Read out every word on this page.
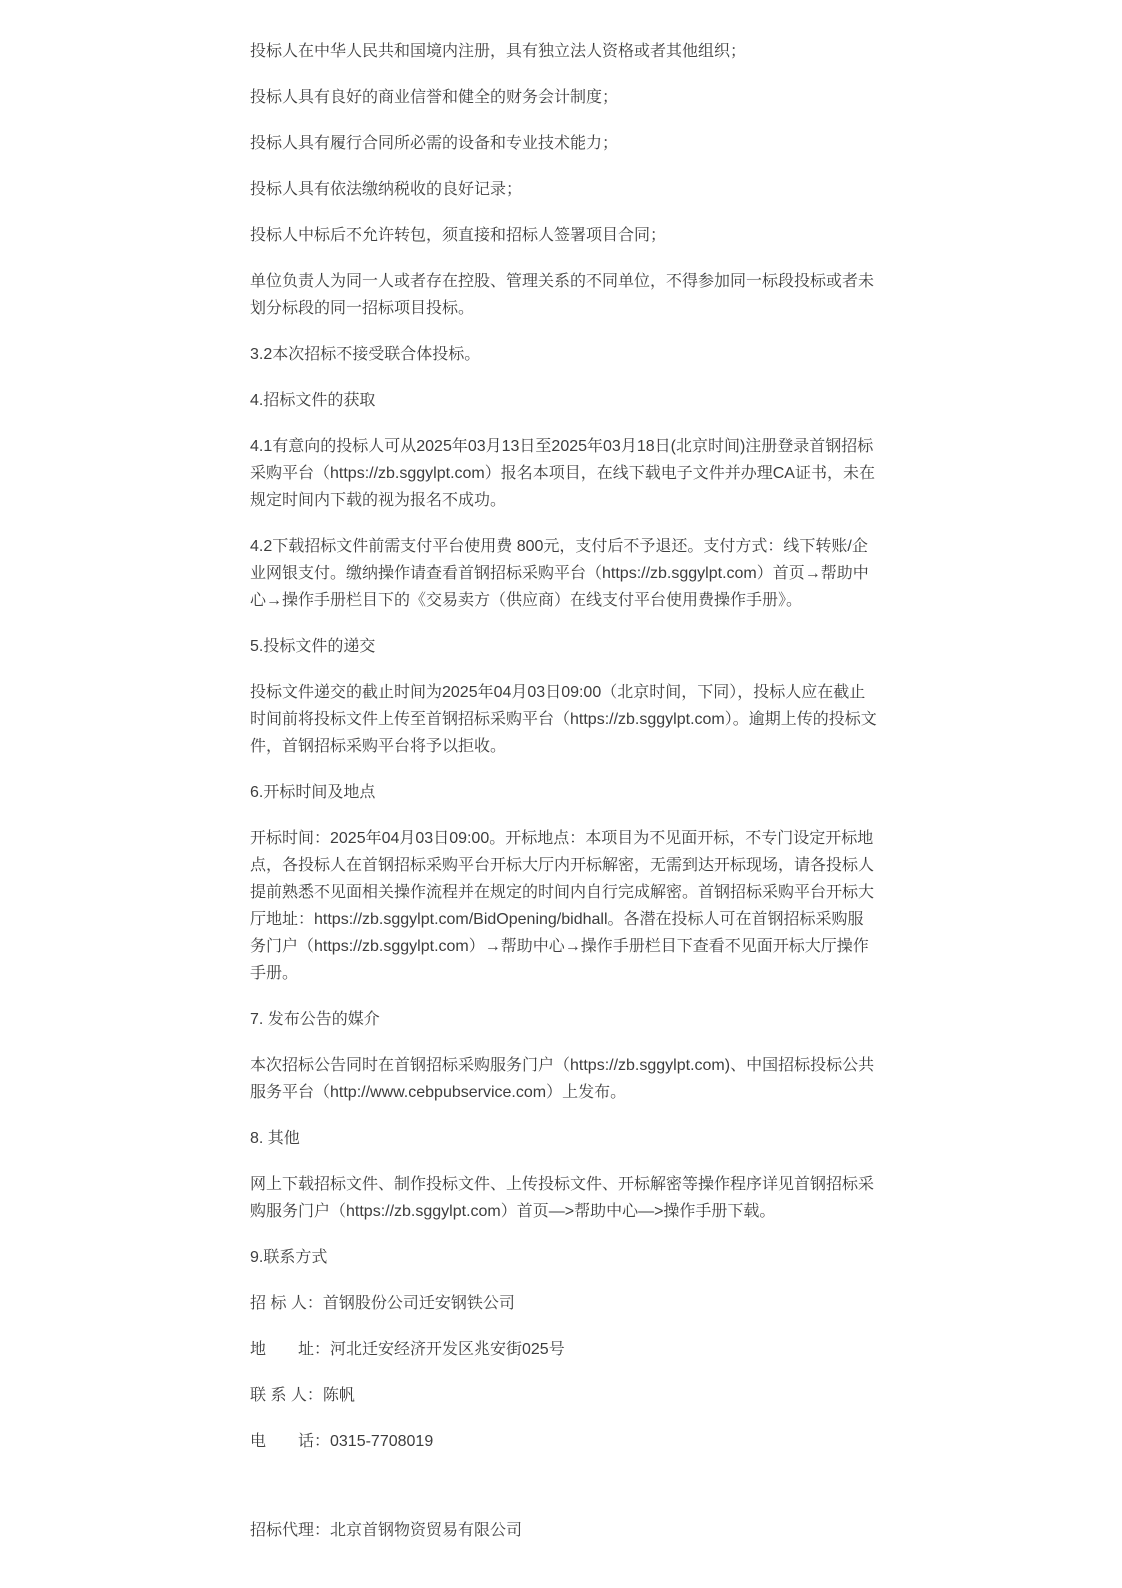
投标人在中华人民共和国境内注册，具有独立法人资格或者其他组织；

投标人具有良好的商业信誉和健全的财务会计制度；

投标人具有履行合同所必需的设备和专业技术能力；

投标人具有依法缴纳税收的良好记录；

投标人中标后不允许转包，须直接和招标人签署项目合同；

单位负责人为同一人或者存在控股、管理关系的不同单位，不得参加同一标段投标或者未划分标段的同一招标项目投标。

3.2本次招标不接受联合体投标。

4.招标文件的获取

4.1有意向的投标人可从2025年03月13日至2025年03月18日(北京时间)注册登录首钢招标采购平台（https://zb.sggylpt.com）报名本项目，在线下载电子文件并办理CA证书，未在规定时间内下载的视为报名不成功。

4.2下载招标文件前需支付平台使用费 800元，支付后不予退还。支付方式：线下转账/企业网银支付。缴纳操作请查看首钢招标采购平台（https://zb.sggylpt.com）首页→帮助中心→操作手册栏目下的《交易卖方（供应商）在线支付平台使用费操作手册》。

5.投标文件的递交

投标文件递交的截止时间为2025年04月03日09:00（北京时间，下同），投标人应在截止时间前将投标文件上传至首钢招标采购平台（https://zb.sggylpt.com）。逾期上传的投标文件，首钢招标采购平台将予以拒收。

6.开标时间及地点

开标时间：2025年04月03日09:00。开标地点：本项目为不见面开标，不专门设定开标地点，各投标人在首钢招标采购平台开标大厅内开标解密，无需到达开标现场，请各投标人提前熟悉不见面相关操作流程并在规定的时间内自行完成解密。首钢招标采购平台开标大厅地址：https://zb.sggylpt.com/BidOpening/bidhall。各潜在投标人可在首钢招标采购服务门户（https://zb.sggylpt.com）→帮助中心→操作手册栏目下查看不见面开标大厅操作手册。

7. 发布公告的媒介

本次招标公告同时在首钢招标采购服务门户（https://zb.sggylpt.com)、中国招标投标公共服务平台（http://www.cebpubservice.com）上发布。

8. 其他

网上下载招标文件、制作投标文件、上传投标文件、开标解密等操作程序详见首钢招标采购服务门户（https://zb.sggylpt.com）首页—>帮助中心—>操作手册下载。

9.联系方式

招 标 人：首钢股份公司迁安钢铁公司

地　　址：河北迁安经济开发区兆安街025号

联 系 人：陈帆

电　　话：0315-7708019

招标代理：北京首钢物资贸易有限公司
